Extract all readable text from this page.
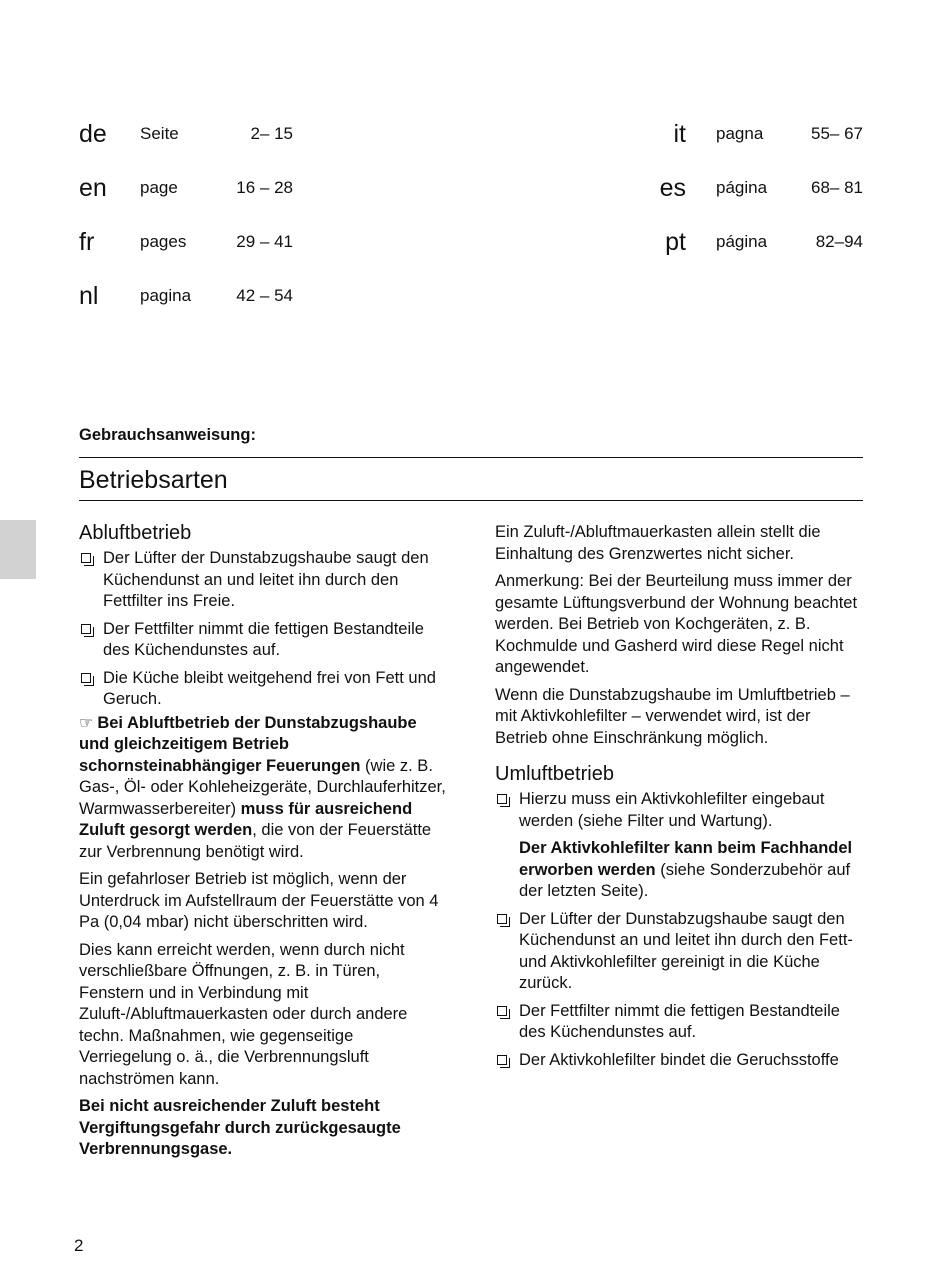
de Seite	2– 15
en page	16 – 28
fr	pages	29 – 41
nl pagina	42 – 54
it pagna	55– 67
es página	68– 81
pt página	82–94
Gebrauchsanweisung:
Betriebsarten
Abluftbetrieb
Der Lüfter der Dunstabzugshaube saugt den Küchendunst an und leitet ihn durch den Fettfilter ins Freie.
Der Fettfilter nimmt die fettigen Bestandteile des Küchendunstes auf.
Die Küche bleibt weitgehend frei von Fett und Geruch.

☞ Bei Abluftbetrieb der Dunstabzugshaube und gleichzeitigem Betrieb schornsteinabhängiger Feuerungen (wie z. B. Gas-, Öl- oder Kohleheizgeräte, Durchlauferhitzer, Warmwasserbereiter) muss für ausreichend Zuluft gesorgt werden, die von der Feuerstätte zur Verbrennung benötigt wird.

Ein gefahrloser Betrieb ist möglich, wenn der Unterdruck im Aufstellraum der Feuerstätte von 4 Pa (0,04 mbar) nicht überschritten wird.

Dies kann erreicht werden, wenn durch nicht verschließbare Öffnungen, z. B. in Türen, Fenstern und in Verbindung mit Zuluft-/Abluftmauerkasten oder durch andere techn. Maßnahmen, wie gegenseitige Verriegelung o. ä., die Verbrennungsluft nachströmen kann.

Bei nicht ausreichender Zuluft besteht Vergiftungsgefahr durch zurückgesaugte Verbrennungsgase.

Ein Zuluft-/Abluftmauerkasten allein stellt die Einhaltung des Grenzwertes nicht sicher.

Anmerkung: Bei der Beurteilung muss immer der gesamte Lüftungsverbund der Wohnung beachtet werden. Bei Betrieb von Kochgeräten, z. B. Kochmulde und Gasherd wird diese Regel nicht angewendet.

Wenn die Dunstabzugshaube im Umluftbetrieb – mit Aktivkohlefilter – verwendet wird, ist der Betrieb ohne Einschränkung möglich.

Umluftbetrieb
Hierzu muss ein Aktivkohlefilter eingebaut werden (siehe Filter und Wartung).

Der Aktivkohlefilter kann beim Fachhandel erworben werden (siehe Sonderzubehör auf der letzten Seite).

Der Lüfter der Dunstabzugshaube saugt den Küchendunst an und leitet ihn durch den Fett- und Aktivkohlefilter gereinigt in die Küche zurück.
Der Fettfilter nimmt die fettigen Bestandteile des Küchendunstes auf.
Der Aktivkohlefilter bindet die Geruchsstoffe
2
